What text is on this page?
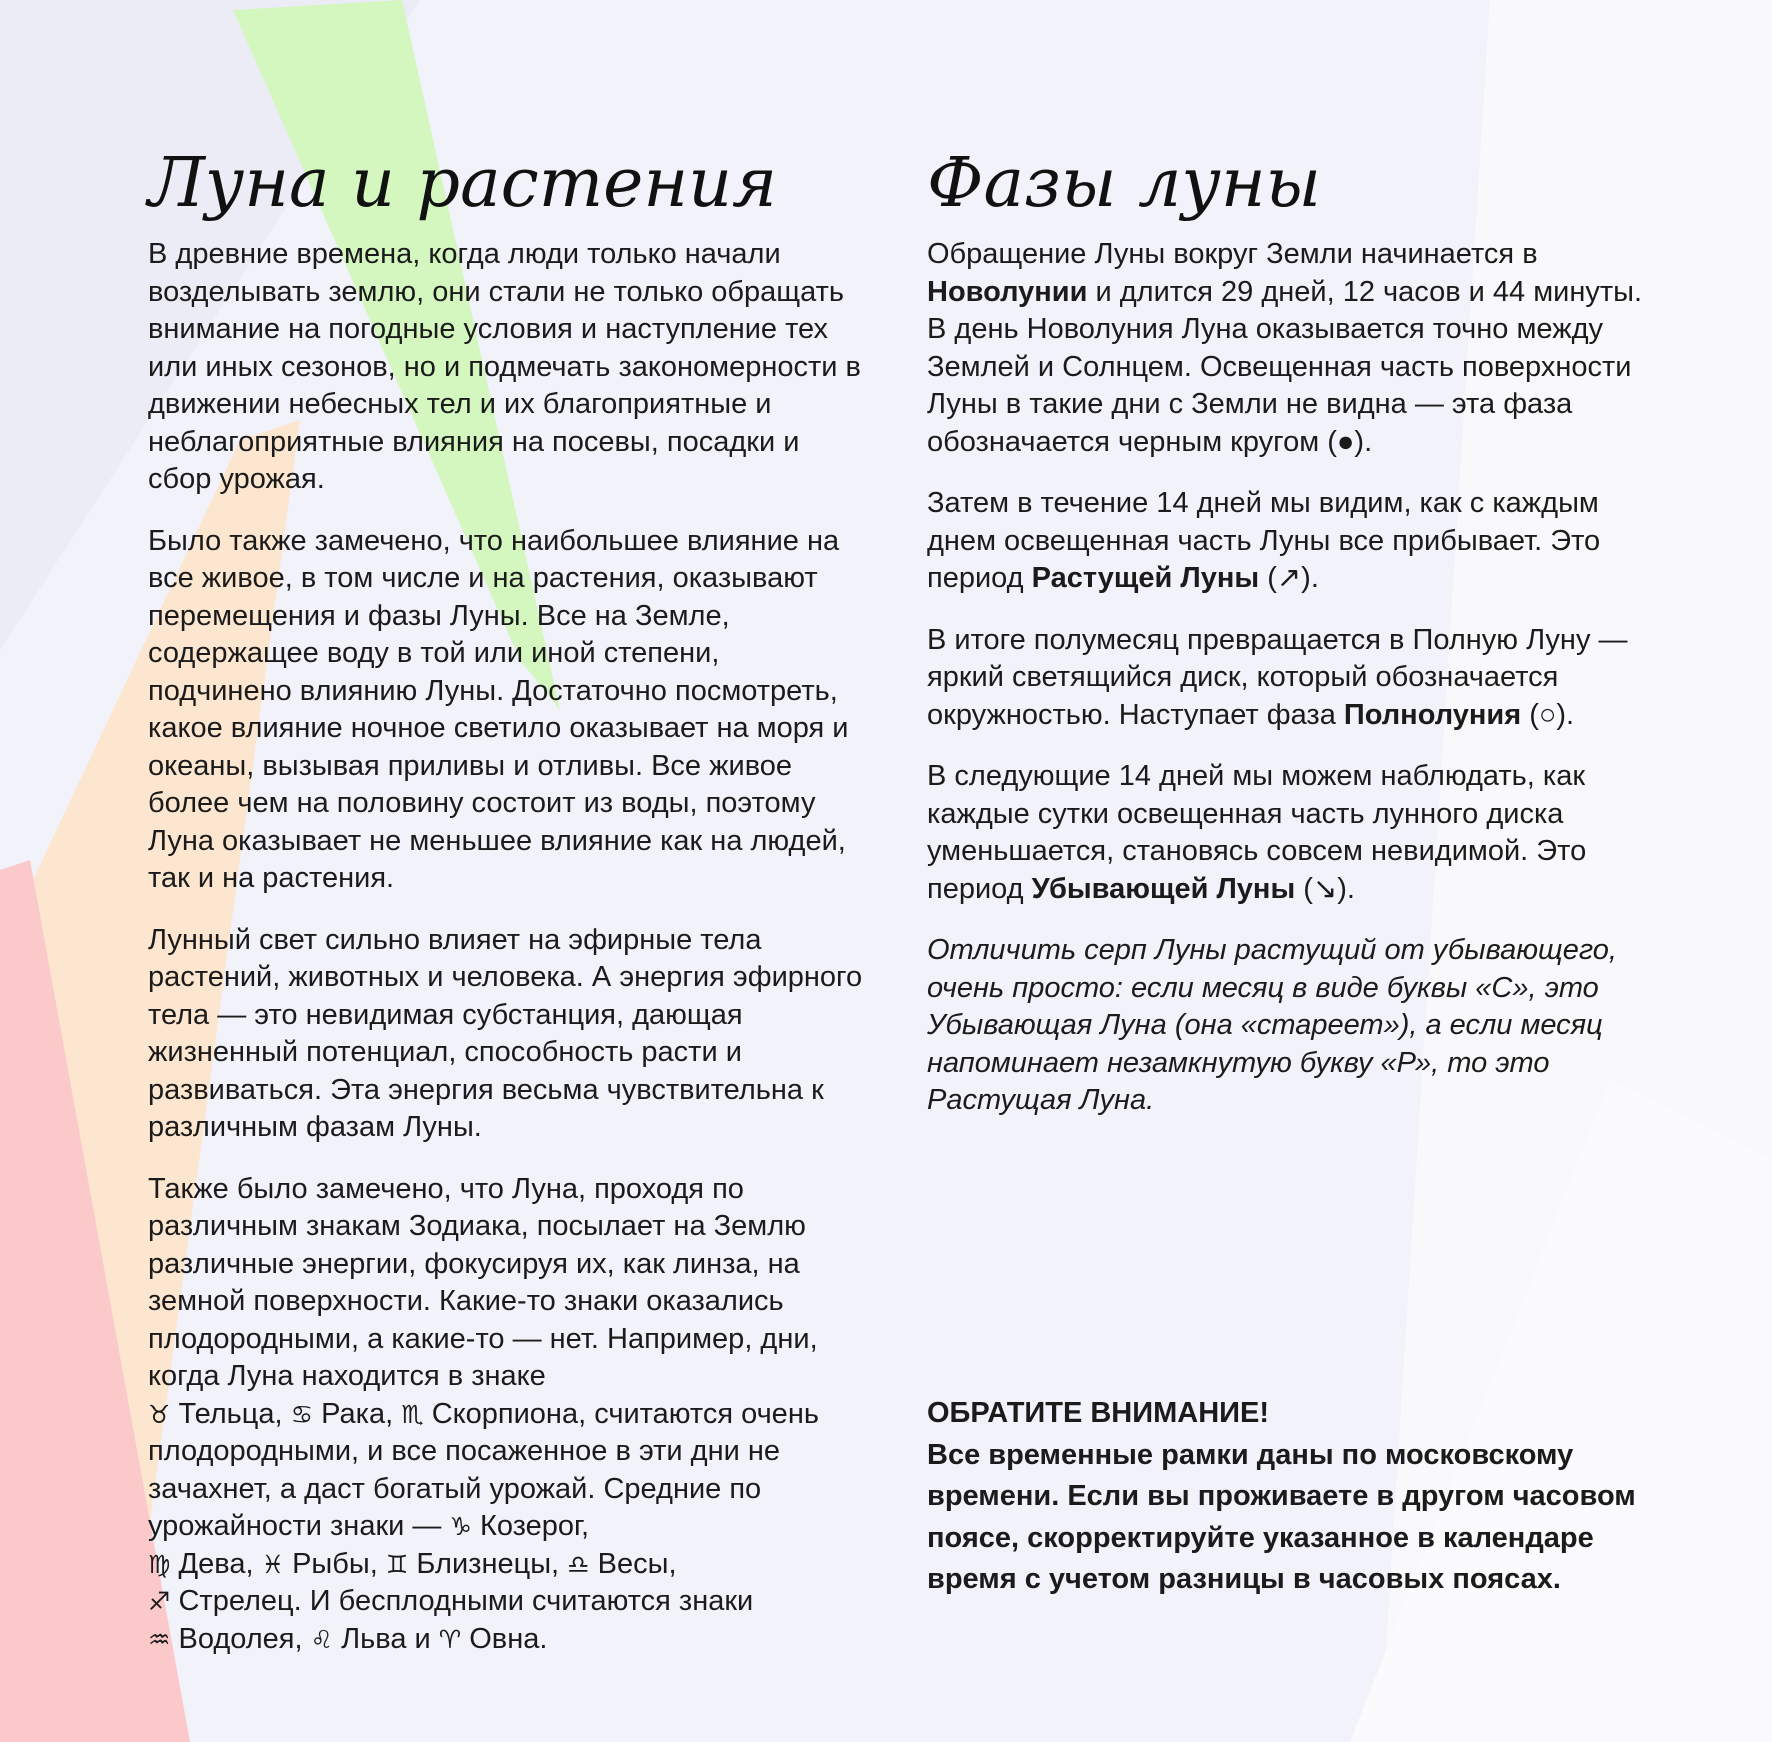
Луна и растения

В древние времена, когда люди только начали возделывать землю, они стали не только обращать внимание на погодные условия и наступление тех или иных сезонов, но и подмечать закономерности в движении небесных тел и их благоприятные и неблагоприятные влияния на посевы, посадки и сбор урожая.

Было также замечено, что наибольшее влияние на все живое, в том числе и на растения, оказывают перемещения и фазы Луны. Все на Земле, содержащее воду в той или иной степени, подчинено влиянию Луны. Достаточно посмотреть, какое влияние ночное светило оказывает на моря и океаны, вызывая приливы и отливы. Все живое более чем на половину состоит из воды, поэтому Луна оказывает не меньшее влияние как на людей, так и на растения.

Лунный свет сильно влияет на эфирные тела растений, животных и человека. А энергия эфирного тела — это невидимая субстанция, дающая жизненный потенциал, способность расти и развиваться. Эта энергия весьма чувствительна к различным фазам Луны.

Также было замечено, что Луна, проходя по различным знакам Зодиака, посылает на Землю различные энергии, фокусируя их, как линза, на земной поверхности. Какие-то знаки оказались плодородными, а какие-то — нет. Например, дни, когда Луна находится в знаке
♉ Тельца, ♋ Рака, ♏ Скорпиона, считаются очень плодородными, и все посаженное в эти дни не зачахнет, а даст богатый урожай. Средние по урожайности знаки — ♑ Козерог,
♍ Дева, ♓ Рыбы, ♊ Близнецы, ♎ Весы,
♐ Стрелец. И бесплодными считаются знаки
♒ Водолея, ♌ Льва и ♈ Овна.

Фазы луны

Обращение Луны вокруг Земли начинается в Новолунии и длится 29 дней, 12 часов и 44 минуты. В день Новолуния Луна оказывается точно между Землей и Солнцем. Освещенная часть поверхности Луны в такие дни с Земли не видна — эта фаза обозначается черным кругом (●).

Затем в течение 14 дней мы видим, как с каждым днем освещенная часть Луны все прибывает. Это период Растущей Луны (↗).

В итоге полумесяц превращается в Полную Луну — яркий светящийся диск, который обозначается окружностью. Наступает фаза Полнолуния (○).

В следующие 14 дней мы можем наблюдать, как каждые сутки освещенная часть лунного диска уменьшается, становясь совсем невидимой. Это период Убывающей Луны (↘).

Отличить серп Луны растущий от убывающего, очень просто: если месяц в виде буквы «С», это Убывающая Луна (она «стареет»), а если месяц напоминает незамкнутую букву «Р», то это Растущая Луна.

ОБРАТИТЕ ВНИМАНИЕ!
Все временные рамки даны по московскому времени. Если вы проживаете в другом часовом поясе, скорректируйте указанное в календаре время с учетом разницы в часовых поясах.
